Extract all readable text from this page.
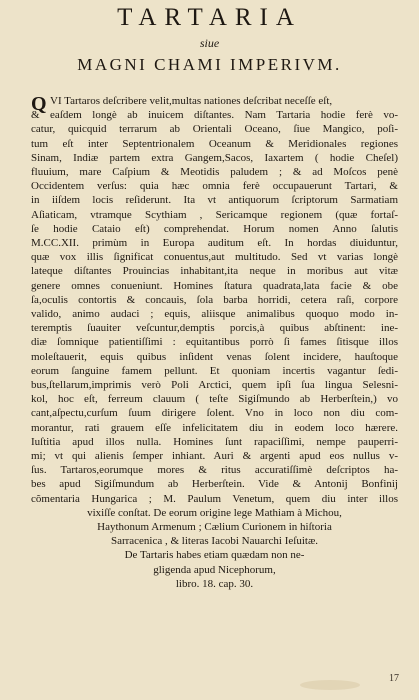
TARTARIA
siue
MAGNI CHAMI IMPERIVM.
Q VI Tartaros deſcribere velit,multas nationes deſcribat neceſſe eſt,
& eaſdem longè ab inuicem diſtantes. Nam Tartaria hodie ferè vo-
catur, quicquid terrarum ab Orientali Oceano, ſiue Mangico, poſi-
tum eſt inter Septentrionalem Oceanum & Meridionales regiones
Sinam, Indiæ partem extra Gangem,Sacos, Iaxartem ( hodie Cheſel)
fluuium, mare Caſpium & Meotidis paludem ; & ad Moſcos penè
Occidentem verſus: quia hæc omnia ferè occupauerunt Tartari, &
in iiſdem locis reſiderunt. Ita vt antiquorum ſcriptorum Sarmatiam
Aſiaticam, vtramque Scythiam , Sericamque regionem (quæ fortaſ-
ſe hodie Cataio eſt) comprehendat. Horum nomen Anno ſalutis
M.CC.XII. primùm in Europa auditum eſt. In hordas diuiduntur,
quæ vox illis ſignificat conuentus,aut multitudo. Sed vt varias longè
lateque diſtantes Prouincias inhabitant,ita neque in moribus aut vitæ
genere omnes conueniunt. Homines ſtatura quadrata,lata facie & obe
ſa,oculis contortis & concauis, ſola barba horridi, cetera raſi, corpore
valido, animo audaci ; equis, aliisque animalibus quoquo modo in-
teremptis ſuauiter veſcuntur,demptis porcis,à quibus abſtinent: ine-
diæ ſomnique patientiſſimi : equitantibus porrò ſi fames ſitisque illos
moleſtauerit, equis quibus inſident venas ſolent incidere, hauſtoque
eorum ſanguine famem pellunt. Et quoniam incertis vagantur ſedi-
bus,ſtellarum,imprimis verò Poli Arctici, quem ipſi ſua lingua Selesni-
kol, hoc eſt, ferreum clauum ( teſte Sigiſmundo ab Herberſtein,) vo
cant,aſpectu,curſum ſuum dirigere ſolent. Vno in loco non diu com-
morantur, rati grauem eſſe infelicitatem diu in eodem loco hærere.
Iuſtitia apud illos nulla. Homines ſunt rapaciſſimi, nempe pauperri-
mi; vt qui alienis ſemper inhiant. Auri & argenti apud eos nullus v-
ſus. Tartaros,eorumque mores & ritus accuratiſſimè deſcriptos ha-
bes apud Sigiſmundum ab Herberſtein. Vide & Antonij Bonfinij
cõmentaria Hungarica ; M. Paulum Venetum, quem diu inter illos
vixiſſe conſtat. De eorum origine lege Mathiam à Michou,
Haythonum Armenum ; Cælium Curionem in hiſtoria
Sarracenica , & literas Iacobi Nauarchi Ieſuitæ.
De Tartaris habes etiam quædam non ne-
gligenda apud Nicephorum,
libro. 18. cap. 30.
17
